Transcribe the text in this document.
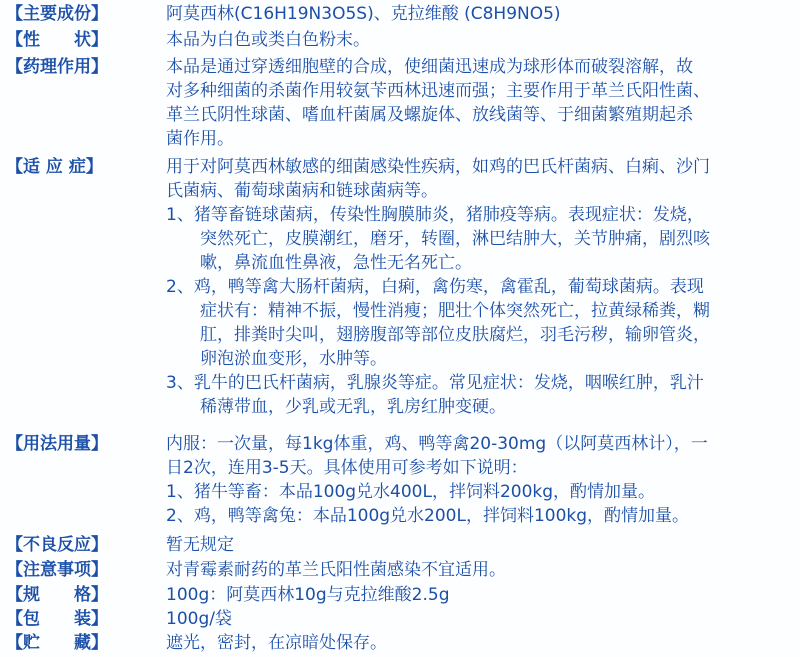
【主要成份】	阿莫西林(C16H19N3O5S)、克拉维酸 (C8H9NO5)
【性　　状】	本品为白色或类白色粉末。
【药理作用】	本品是通过穿透细胞壁的合成，使细菌迅速成为球形体而破裂溶解，故
对多种细菌的杀菌作用较氨苄西林迅速而强；主要作用于革兰氏阳性菌、
革兰氏阴性球菌、嗜血杆菌属及螺旋体、放线菌等、于细菌繁殖期起杀
菌作用。
【适 应 症】	用于对阿莫西林敏感的细菌感染性疾病，如鸡的巴氏杆菌病、白痢、沙门
氏菌病、葡萄球菌病和链球菌病等。
1、猪等畜链球菌病，传染性胸膜肺炎，猪肺疫等病。表现症状：发烧，
突然死亡，皮膜潮红，磨牙，转圈，淋巴结肿大，关节肿痛，剧烈咳
嗽，鼻流血性鼻液，急性无名死亡。
2、鸡，鸭等禽大肠杆菌病，白痢，禽伤寒，禽霍乱，葡萄球菌病。表现
症状有：精神不振，慢性消瘦；肥壮个体突然死亡，拉黄绿稀粪，糊
肛，排粪时尖叫，翅膀腹部等部位皮肤腐烂，羽毛污秽，输卵管炎，
卵泡淤血变形，水肿等。
3、乳牛的巴氏杆菌病，乳腺炎等症。常见症状：发烧，咽喉红肿，乳汁
稀薄带血，少乳或无乳，乳房红肿变硬。
【用法用量】	内服：一次量，每1kg体重，鸡、鸭等禽20-30mg（以阿莫西林计），一
日2次，连用3-5天。具体使用可参考如下说明：
1、猪牛等畜：本品100g兑水400L，拌饲料200kg，酌情加量。
2、鸡，鸭等禽兔：本品100g兑水200L，拌饲料100kg，酌情加量。
【不良反应】	暂无规定
【注意事项】	对青霉素耐药的革兰氏阳性菌感染不宜适用。
【规　　格】	100g：阿莫西林10g与克拉维酸2.5g
【包　　装】	100g/袋
【贮　　藏】	遮光，密封，在凉暗处保存。
